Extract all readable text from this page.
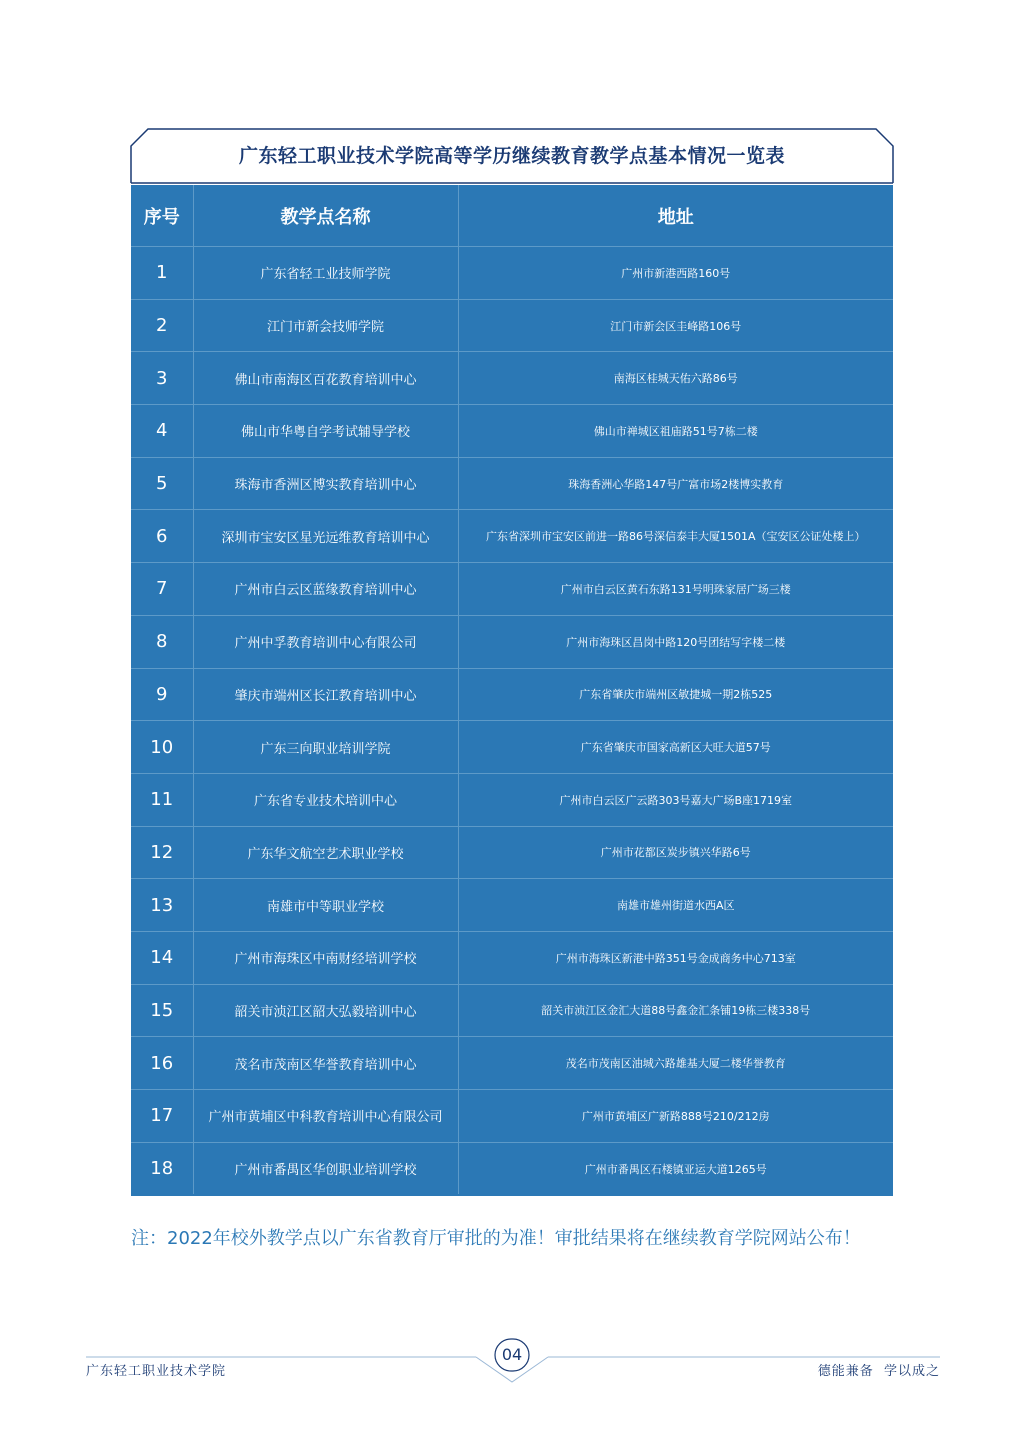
广东轻工职业技术学院高等学历继续教育教学点基本情况一览表
序号	教学点名称	地址
1	广东省轻工业技师学院	广州市新港西路160号
2	江门市新会技师学院	江门市新会区圭峰路106号
3	佛山市南海区百花教育培训中心	南海区桂城天佑六路86号
4	佛山市华粤自学考试辅导学校	佛山市禅城区祖庙路51号7栋二楼
5	珠海市香洲区博实教育培训中心	珠海香洲心华路147号广富市场2楼博实教育
6	深圳市宝安区星光远维教育培训中心	广东省深圳市宝安区前进一路86号深信泰丰大厦1501A（宝安区公证处楼上）
7	广州市白云区蓝缘教育培训中心	广州市白云区黄石东路131号明珠家居广场三楼
8	广州中孚教育培训中心有限公司	广州市海珠区昌岗中路120号团结写字楼二楼
9	肇庆市端州区长江教育培训中心	广东省肇庆市端州区敏捷城一期2栋525
10	广东三向职业培训学院	广东省肇庆市国家高新区大旺大道57号
11	广东省专业技术培训中心	广州市白云区广云路303号嘉大广场B座1719室
12	广东华文航空艺术职业学校	广州市花都区炭步镇兴华路6号
13	南雄市中等职业学校	南雄市雄州街道水西A区
14	广州市海珠区中南财经培训学校	广州市海珠区新港中路351号金成商务中心713室
15	韶关市浈江区韶大弘毅培训中心	韶关市浈江区金汇大道88号鑫金汇条铺19栋三楼338号
16	茂名市茂南区华誉教育培训中心	茂名市茂南区油城六路雄基大厦二楼华誉教育
17	广州市黄埔区中科教育培训中心有限公司	广州市黄埔区广新路888号210/212房
18	广州市番禺区华创职业培训学校	广州市番禺区石楼镇亚运大道1265号
注：2022年校外教学点以广东省教育厅审批的为准！审批结果将在继续教育学院网站公布！
04
广东轻工职业技术学院	德能兼备  学以成之
